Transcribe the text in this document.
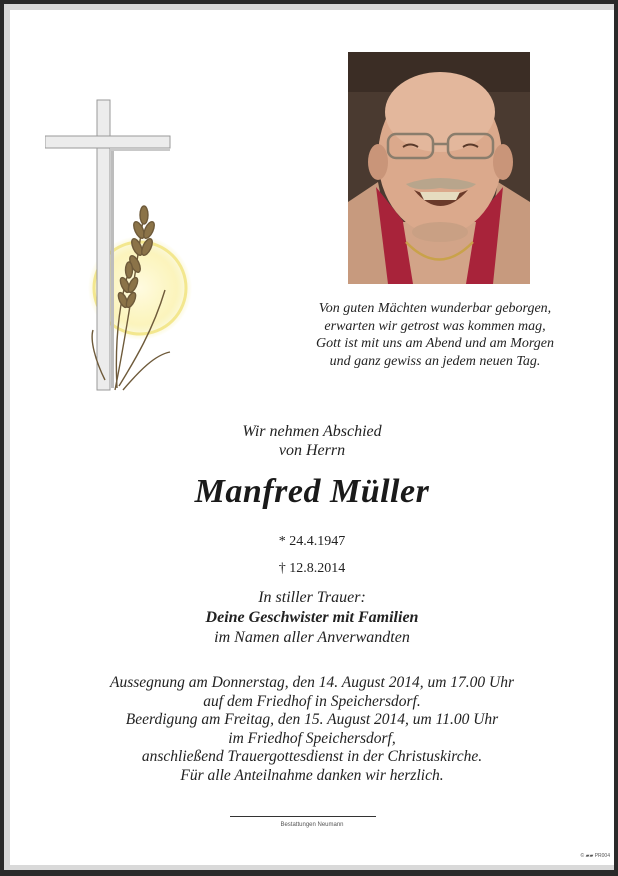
Von guten Mächten wunderbar geborgen,
erwarten wir getrost was kommen mag,
Gott ist mit uns am Abend und am Morgen
und ganz gewiss an jedem neuen Tag.
Wir nehmen Abschied
von Herrn
Manfred Müller
* 24.4.1947
† 12.8.2014
In stiller Trauer:
Deine Geschwister mit Familien
im Namen aller Anverwandten
Aussegnung am Donnerstag, den 14. August 2014, um 17.00 Uhr
auf dem Friedhof in Speichersdorf.
Beerdigung am Freitag, den 15. August 2014, um 11.00 Uhr
im Friedhof Speichersdorf,
anschließend Trauergottesdienst in der Christuskirche.
Für alle Anteilnahme danken wir herzlich.
Bestattungen Neumann
© ▰▰ PR004
